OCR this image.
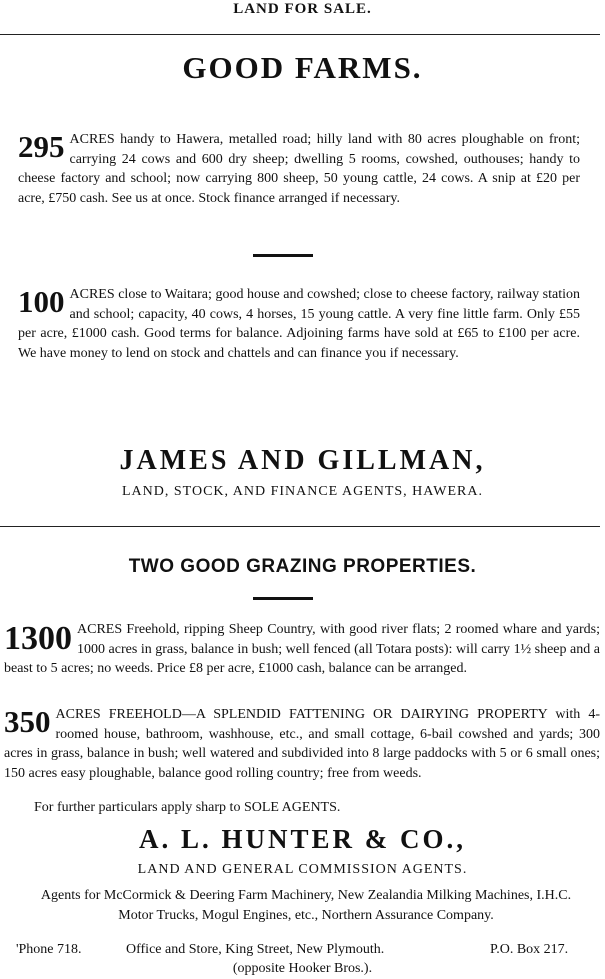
LAND FOR SALE.
GOOD FARMS.
295 ACRES handy to Hawera, metalled road; hilly land with 80 acres ploughable on front; carrying 24 cows and 600 dry sheep; dwelling 5 rooms, cowshed, outhouses; handy to cheese factory and school; now carrying 800 sheep, 50 young cattle, 24 cows. A snip at £20 per acre, £750 cash. See us at once. Stock finance arranged if necessary.
100 ACRES close to Waitara; good house and cowshed; close to cheese factory, railway station and school; capacity, 40 cows, 4 horses, 15 young cattle. A very fine little farm. Only £55 per acre, £1000 cash. Good terms for balance. Adjoining farms have sold at £65 to £100 per acre. We have money to lend on stock and chattels and can finance you if necessary.
JAMES AND GILLMAN,
LAND, STOCK, AND FINANCE AGENTS, HAWERA.
TWO GOOD GRAZING PROPERTIES.
1300 ACRES Freehold, ripping Sheep Country, with good river flats; 2 roomed whare and yards; 1000 acres in grass, balance in bush; well fenced (all Totara posts): will carry 1½ sheep and a beast to 5 acres; no weeds. Price £8 per acre, £1000 cash, balance can be arranged.
350 ACRES FREEHOLD—A SPLENDID FATTENING OR DAIRYING PROPERTY with 4-roomed house, bathroom, washhouse, etc., and small cottage, 6-bail cowshed and yards; 300 acres in grass, balance in bush; well watered and subdivided into 8 large paddocks with 5 or 6 small ones; 150 acres easy ploughable, balance good rolling country; free from weeds.
For further particulars apply sharp to SOLE AGENTS.
A. L. HUNTER & CO.,
LAND AND GENERAL COMMISSION AGENTS.
Agents for McCormick & Deering Farm Machinery, New Zealandia Milking Machines, I.H.C. Motor Trucks, Mogul Engines, etc., Northern Assurance Company.
'Phone 718.	Office and Store, King Street, New Plymouth.	P.O. Box 217.
(opposite Hooker Bros.).
